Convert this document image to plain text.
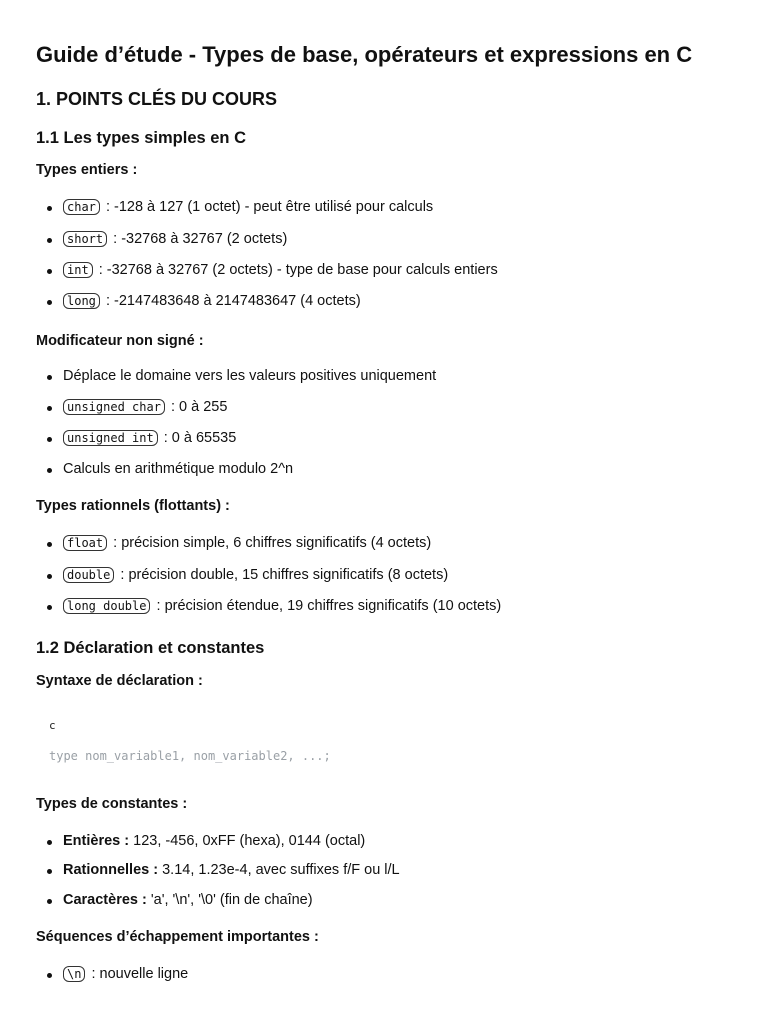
Guide d’étude - Types de base, opérateurs et expressions en C
1. POINTS CLÉS DU COURS
1.1 Les types simples en C
Types entiers :
char : -128 à 127 (1 octet) - peut être utilisé pour calculs
short : -32768 à 32767 (2 octets)
int : -32768 à 32767 (2 octets) - type de base pour calculs entiers
long : -2147483648 à 2147483647 (4 octets)
Modificateur non signé :
Déplace le domaine vers les valeurs positives uniquement
unsigned char : 0 à 255
unsigned int : 0 à 65535
Calculs en arithmétique modulo 2^n
Types rationnels (flottants) :
float : précision simple, 6 chiffres significatifs (4 octets)
double : précision double, 15 chiffres significatifs (8 octets)
long double : précision étendue, 19 chiffres significatifs (10 octets)
1.2 Déclaration et constantes
Syntaxe de déclaration :
c
type nom_variable1, nom_variable2, ...;
Types de constantes :
Entières : 123, -456, 0xFF (hexa), 0144 (octal)
Rationnelles : 3.14, 1.23e-4, avec suffixes f/F ou l/L
Caractères : 'a', '\n', '\0' (fin de chaîne)
Séquences d’échappement importantes :
\n : nouvelle ligne
